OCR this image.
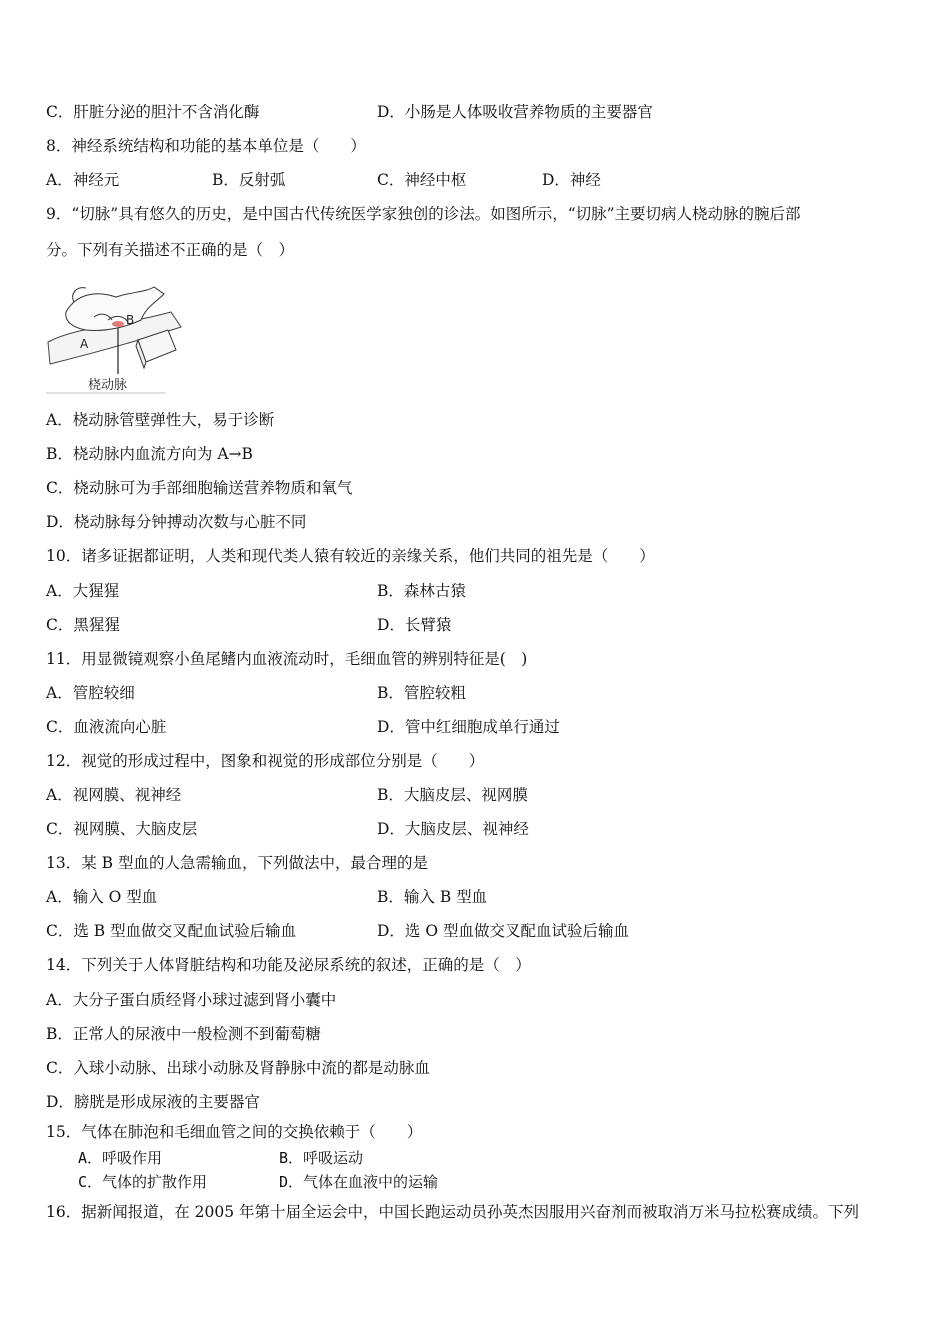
C．肝脏分泌的胆汁不含消化酶	D．小肠是人体吸收营养物质的主要器官
8．神经系统结构和功能的基本单位是（　　）
A．神经元	B．反射弧	C．神经中枢	D．神经
9．“切脉”具有悠久的历史，是中国古代传统医学家独创的诊法。如图所示，“切脉”主要切病人桡动脉的腕后部
分。下列有关描述不正确的是（　）
B
A
桡动脉
A．桡动脉管壁弹性大，易于诊断
B．桡动脉内血流方向为 A→B
C．桡动脉可为手部细胞输送营养物质和氧气
D．桡动脉每分钟搏动次数与心脏不同
10．诸多证据都证明，人类和现代类人猿有较近的亲缘关系，他们共同的祖先是（　　）
A．大猩猩	B．森林古猿
C．黑猩猩	D．长臂猿
11．用显微镜观察小鱼尾鳍内血液流动时，毛细血管的辨别特征是(　)
A．管腔较细	B．管腔较粗
C．血液流向心脏	D．管中红细胞成单行通过
12．视觉的形成过程中，图象和视觉的形成部位分别是（　　）
A．视网膜、视神经	B．大脑皮层、视网膜
C．视网膜、大脑皮层	D．大脑皮层、视神经
13．某 B 型血的人急需输血，下列做法中，最合理的是
A．输入 O 型血	B．输入 B 型血
C．选 B 型血做交叉配血试验后输血	D．选 O 型血做交叉配血试验后输血
14．下列关于人体肾脏结构和功能及泌尿系统的叙述，正确的是（　）
A．大分子蛋白质经肾小球过滤到肾小囊中
B．正常人的尿液中一般检测不到葡萄糖
C．入球小动脉、出球小动脉及肾静脉中流的都是动脉血
D．膀胱是形成尿液的主要器官
15．气体在肺泡和毛细血管之间的交换依赖于（　　）
A．呼吸作用	B．呼吸运动
C．气体的扩散作用	D．气体在血液中的运输
16．据新闻报道，在 2005 年第十届全运会中，中国长跑运动员孙英杰因服用兴奋剂而被取消万米马拉松赛成绩。下列
